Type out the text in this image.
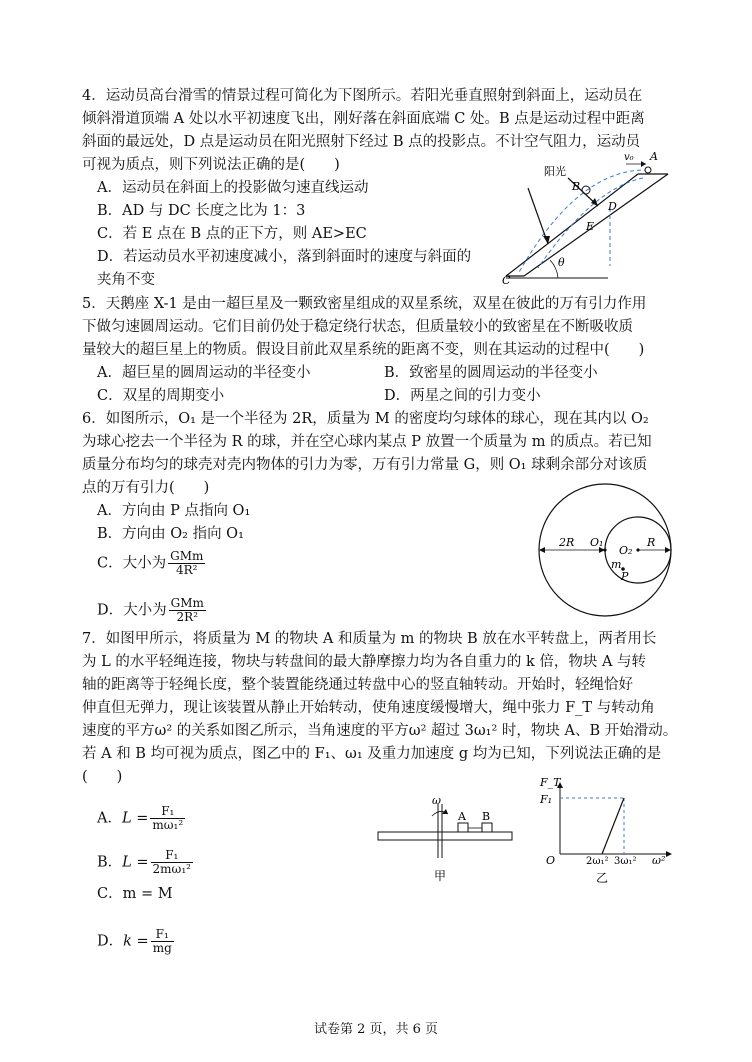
4．运动员高台滑雪的情景过程可简化为下图所示。若阳光垂直照射到斜面上，运动员在
倾斜滑道顶端 A 处以水平初速度飞出，刚好落在斜面底端 C 处。B 点是运动过程中距离
斜面的最远处，D 点是运动员在阳光照射下经过 B 点的投影点。不计空气阻力，运动员
可视为质点，则下列说法正确的是(　　)
A．运动员在斜面上的投影做匀速直线运动
B．AD 与 DC 长度之比为 1：3
C．若 E 点在 B 点的正下方，则 AE>EC
D．若运动员水平初速度减小，落到斜面时的速度与斜面的
夹角不变
阳光
v₀ A
B
D
E
C
θ
5．天鹅座 X-1 是由一超巨星及一颗致密星组成的双星系统，双星在彼此的万有引力作用
下做匀速圆周运动。它们目前仍处于稳定绕行状态，但质量较小的致密星在不断吸收质
量较大的超巨星上的物质。假设目前此双星系统的距离不变，则在其运动的过程中(　　)
A．超巨星的圆周运动的半径变小	B．致密星的圆周运动的半径变小
C．双星的周期变小	D．两星之间的引力变小
6．如图所示，O₁ 是一个半径为 2R，质量为 M 的密度均匀球体的球心，现在其内以 O₂
为球心挖去一个半径为 R 的球，并在空心球内某点 P 放置一个质量为 m 的质点。若已知
质量分布均匀的球壳对壳内物体的引力为零，万有引力常量 G，则 O₁ 球剩余部分对该质
点的万有引力(　　)
A．方向由 P 点指向 O₁
B．方向由 O₂ 指向 O₁
C．大小为 $\frac{\text{GMm}}{\text{4R²}}$
D．大小为 $\frac{\text{GMm}}{\text{2R²}}$
2R O₁
O₂
R
m
P
7．如图甲所示，将质量为 M 的物块 A 和质量为 m 的物块 B 放在水平转盘上，两者用长
为 L 的水平轻绳连接，物块与转盘间的最大静摩擦力均为各自重力的 k 倍，物块 A 与转
轴的距离等于轻绳长度，整个装置能绕通过转盘中心的竖直轴转动。开始时，轻绳恰好
伸直但无弹力，现让该装置从静止开始转动，使角速度缓慢增大，绳中张力 F_T 与转动角
速度的平方ω² 的关系如图乙所示，当角速度的平方ω² 超过 3ω₁² 时，物块 A、B 开始滑动。
若 A 和 B 均可视为质点，图乙中的 F₁、ω₁ 及重力加速度 g 均为已知，下列说法正确的是
(　　)
A．$L = \frac{\text{F₁}}{\text{mω₁²}}$
B．$L = \frac{\text{F₁}}{\text{2mω₁²}}$
C．m = M
D．$k = \frac{\text{F₁}}{mg}$
ω
A B
甲
F_T
F₁
O	2ω₁² 3ω₁² ω²
乙
试卷第 2 页，共 6 页
